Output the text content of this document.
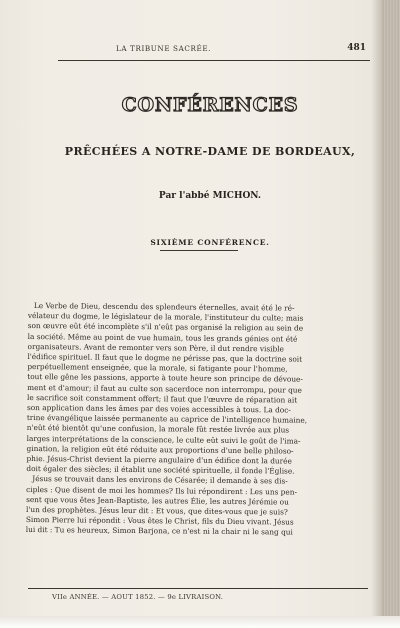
LA TRIBUNE SACRÉE.	481
CONFÉRENCES
PRÊCHÉES A NOTRE-DAME DE BORDEAUX,
Par l'abbé MICHON.
SIXIÈME CONFÉRENCE.
Le Verbe de Dieu, descendu des splendeurs éternelles, avait été le ré-
vélateur du dogme, le législateur de la morale, l'instituteur du culte; mais
son œuvre eût été incomplète s'il n'eût pas organisé la religion au sein de
la société. Même au point de vue humain, tous les grands génies ont été
organisateurs. Avant de remonter vers son Père, il dut rendre visible
l'édifice spirituel. Il faut que le dogme ne périsse pas, que la doctrine soit
perpétuellement enseignée, que la morale, si fatigante pour l'homme,
tout elle gêne les passions, apporte à toute heure son principe de dévoue-
ment et d'amour; il faut au culte son sacerdoce non interrompu, pour que
le sacrifice soit constamment offert; il faut que l'œuvre de réparation ait
son application dans les âmes par des voies accessibles à tous. La doc-
trine évangélique laissée permanente au caprice de l'intelligence humaine,
n'eût été bientôt qu'une confusion, la morale fût restée livrée aux plus
larges interprétations de la conscience, le culte eût suivi le goût de l'ima-
gination, la religion eût été réduite aux proportions d'une belle philoso-
phie. Jésus-Christ devient la pierre angulaire d'un édifice dont la durée
doit égaler des siècles; il établit une société spirituelle, il fonde l'Église.
Jésus se trouvait dans les environs de Césarée; il demande à ses dis-
ciples : Que disent de moi les hommes? Ils lui répondirent : Les uns pen-
sent que vous êtes Jean-Baptiste, les autres Élie, les autres Jérémie ou
l'un des prophètes. Jésus leur dit : Et vous, que dites-vous que je suis?
Simon Pierre lui répondit : Vous êtes le Christ, fils du Dieu vivant. Jésus
lui dit : Tu es heureux, Simon Barjona, ce n'est ni la chair ni le sang qui
VIIe ANNÉE. — AOUT 1852. — 9e LIVRAISON.
